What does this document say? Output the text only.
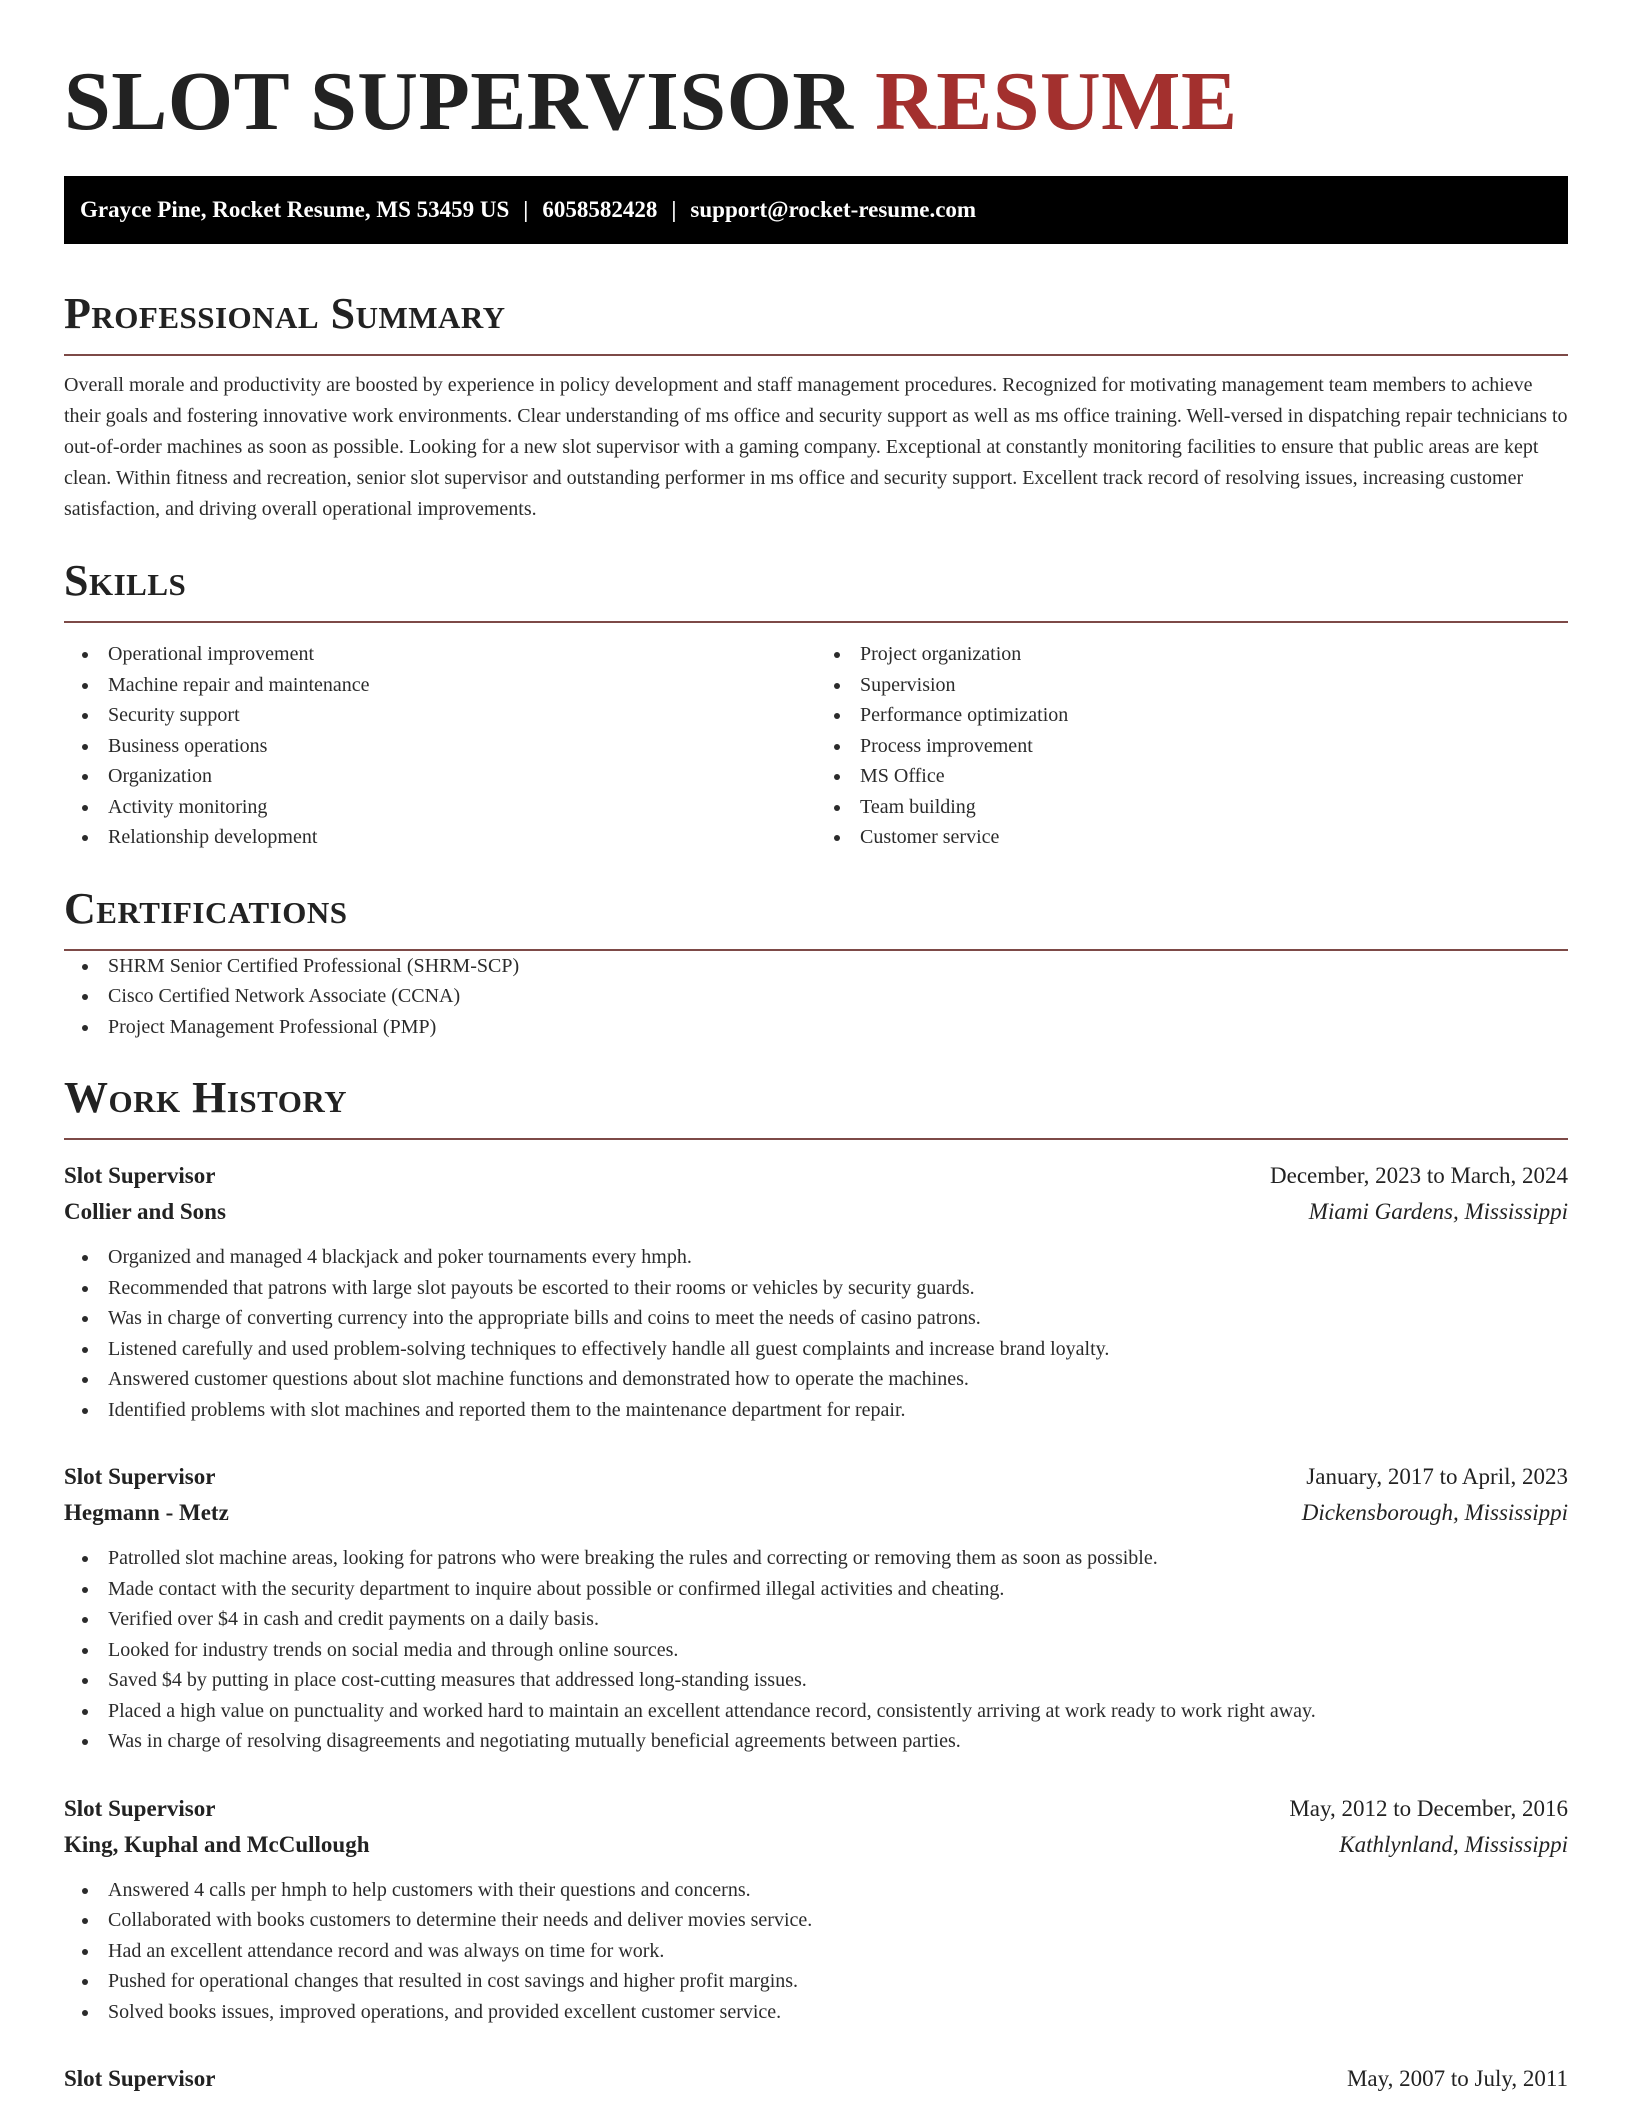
SLOT SUPERVISOR RESUME
Grayce Pine, Rocket Resume, MS 53459 US | 6058582428 | support@rocket-resume.com
Professional Summary

Overall morale and productivity are boosted by experience in policy development and staff management procedures. Recognized for motivating management team members to achieve their goals and fostering innovative work environments. Clear understanding of ms office and security support as well as ms office training. Well-versed in dispatching repair technicians to out-of-order machines as soon as possible. Looking for a new slot supervisor with a gaming company. Exceptional at constantly monitoring facilities to ensure that public areas are kept clean. Within fitness and recreation, senior slot supervisor and outstanding performer in ms office and security support. Excellent track record of resolving issues, increasing customer satisfaction, and driving overall operational improvements.

Skills
Operational improvement
Machine repair and maintenance
Security support
Business operations
Organization
Activity monitoring
Relationship development
Project organization
Supervision
Performance optimization
Process improvement
MS Office
Team building
Customer service
Certifications
SHRM Senior Certified Professional (SHRM-SCP)
Cisco Certified Network Associate (CCNA)
Project Management Professional (PMP)
Work History
Slot Supervisor	December, 2023 to March, 2024
Collier and Sons	Miami Gardens, Mississippi
Organized and managed 4 blackjack and poker tournaments every hmph.
Recommended that patrons with large slot payouts be escorted to their rooms or vehicles by security guards.
Was in charge of converting currency into the appropriate bills and coins to meet the needs of casino patrons.
Listened carefully and used problem-solving techniques to effectively handle all guest complaints and increase brand loyalty.
Answered customer questions about slot machine functions and demonstrated how to operate the machines.
Identified problems with slot machines and reported them to the maintenance department for repair.
Slot Supervisor	January, 2017 to April, 2023
Hegmann - Metz	Dickensborough, Mississippi
Patrolled slot machine areas, looking for patrons who were breaking the rules and correcting or removing them as soon as possible.
Made contact with the security department to inquire about possible or confirmed illegal activities and cheating.
Verified over $4 in cash and credit payments on a daily basis.
Looked for industry trends on social media and through online sources.
Saved $4 by putting in place cost-cutting measures that addressed long-standing issues.
Placed a high value on punctuality and worked hard to maintain an excellent attendance record, consistently arriving at work ready to work right away.
Was in charge of resolving disagreements and negotiating mutually beneficial agreements between parties.
Slot Supervisor	May, 2012 to December, 2016
King, Kuphal and McCullough	Kathlynland, Mississippi
Answered 4 calls per hmph to help customers with their questions and concerns.
Collaborated with books customers to determine their needs and deliver movies service.
Had an excellent attendance record and was always on time for work.
Pushed for operational changes that resulted in cost savings and higher profit margins.
Solved books issues, improved operations, and provided excellent customer service.
Slot Supervisor	May, 2007 to July, 2011
